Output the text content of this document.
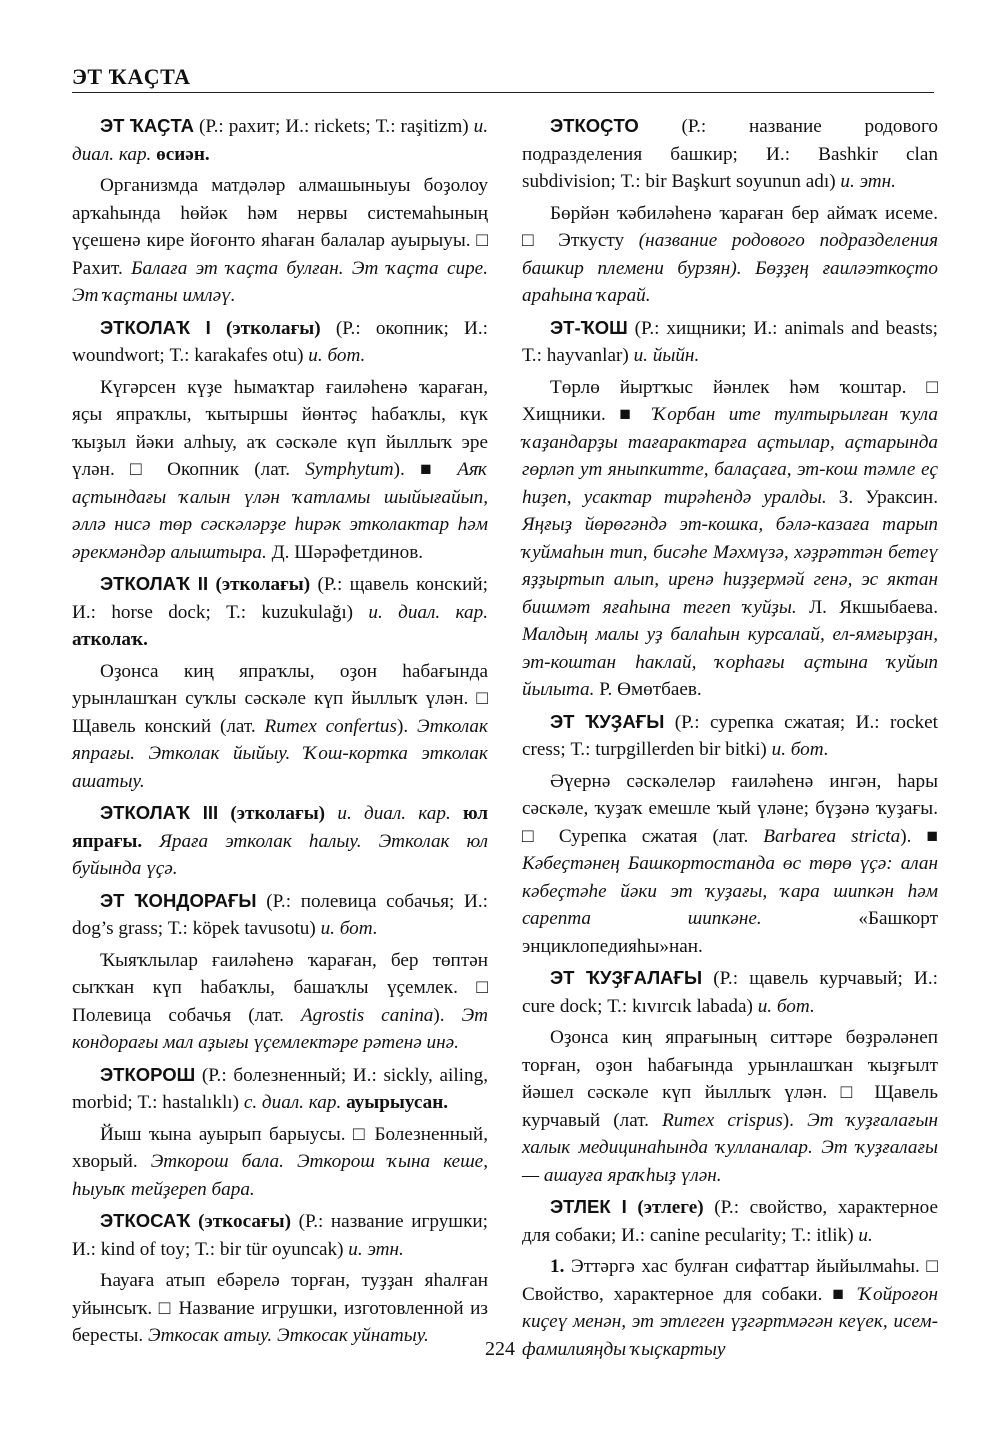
ЭТ ҠАҪТА

ЭТ ҠАҪТА (Р.: рахит; И.: rickets; Т.: raşitizm) и. диал. кар. өсиән.

Организмда матдәләр алмашыныуы боҙолоу арҡаһында һөйәк һәм нервы системаһының үҫешенә кире йоғонто яһаған балалар ауырыуы. □ Рахит. Балаға эт ҡаҫта булған. Эт ҡаҫта сире. Эт ҡаҫтаны имләү.

ЭТКОЛАҠ I (этколағы) (Р.: окопник; И.: woundwort; Т.: karakafes otu) и. бот.

Күгәрсен күҙе һымаҡтар ғаиләһенә ҡараған, яҫы япраҡлы, ҡытыршы йөнтәҫ һабаҡлы, күк ҡыҙыл йәки алһыу, аҡ сәскәле күп йыллыҡ эре үлән. □ Окопник (лат. Symphytum). ■ Аяҡ аҫтындағы ҡалын үлән ҡатламы шыйығайып, әллә нисә төр сәскәләрҙе һирәк этколактар һәм әрекмәндәр алыштыра. Д. Шәрәфетдинов.

ЭТКОЛАҠ II (этколағы) (Р.: щавель конский; И.: horse dock; Т.: kuzukulağı) и. диал. кар. атколаҡ.

Оҙонса киң япраҡлы, оҙон һабағында урынлашҡан суҡлы сәскәле күп йыллыҡ үлән. □ Щавель конский (лат. Rumex confertus). Этколак япрағы. Этколак йыйыу. Ҡош-кортка этколак ашатыу.

ЭТКОЛАҠ III (этколағы) и. диал. кар. юл япрағы. Яраға этколак һалыу. Этколак юл буйында үҫә.

ЭТ ҠОНДОРАҒЫ (Р.: полевица собачья; И.: dog’s grass; Т.: köpek tavusotu) и. бот.

Ҡыяҡлылар ғаиләһенә ҡараған, бер төптән сыҡҡан күп һабаҡлы, башаҡлы үҫемлек. □ Полевица собачья (лат. Agrostis canina). Эт кондорағы мал аҙығы үҫемлектәре рәтенә инә.

ЭТКОРОШ (Р.: болезненный; И.: sickly, ailing, morbid; Т.: hastalıklı) с. диал. кар. ауырыусан.

Йыш ҡына ауырып барыусы. □ Болезненный, хворый. Эткорош бала. Эткорош ҡына кеше, һыуыҡ тейҙереп бара.

ЭТКОСАҠ (эткосағы) (Р.: название игрушки; И.: kind of toy; Т.: bir tür oyuncak) и. этн.

Һауаға атып ебәрелә торған, туҙҙан яһалған уйынсыҡ. □ Название игрушки, изготовленной из бересты. Эткосак атыу. Эткосак уйнатыу.

ЭТКОҪТО (Р.: название родового подразделения башкир; И.: Bashkir clan subdivision; Т.: bir Başkurt soyunun adı) и. этн.

Бөрйән ҡәбиләһенә ҡараған бер аймаҡ исеме. □ Эткусту (название родового подразделения башкир племени бурзян). Бөҙҙең ғаиләэткоҫто араһына ҡарай.

ЭТ-ҠОШ (Р.: хищники; И.: animals and beasts; Т.: hayvanlar) и. йыйн.

Төрлө йыртҡыс йәнлек һәм ҡоштар. □ Хищники. ■ Ҡорбан ите тултырылған ҡула ҡаҙандарҙы тағарактарға аҫтылар, аҫтарында гөрләп ут яныпкитте, балаҫаға, эт-кош тәмле еҫ һиҙеп, усактар тирәһендә уралды. З. Ураксин. Яңғыҙ йөрөгәндә эт-кошка, бәлә-казаға тарып ҡуймаһын тип, бисәһе Мәхмүзә, хәҙрәттән бетеү яҙҙыртып алып, иренә һиҙҙермәй генә, эс яктан бишмәт яғаһына тегеп ҡуйҙы. Л. Якшыбаева. Малдың малы уҙ балаһын курсалай, ел-ямғырҙан, эт-коштан һаклай, ҡорһағы аҫтына ҡуйып йылыта. Р. Өмөтбаев.

ЭТ ҠУҘАҒЫ (Р.: сурепка сжатая; И.: rocket cress; Т.: turpgillerden bir bitki) и. бот.

Әүернә сәскәлеләр ғаиләһенә ингән, һары сәскәле, ҡуҙаҡ емешле ҡый үләне; бүҙәнә ҡуҙағы. □ Сурепка сжатая (лат. Barbarea stricta). ■ Кәбеҫтәнең Башкортостанда өс төрө үҫә: алан кәбеҫтәһе йәки эт ҡуҙағы, ҡара шипкән һәм сарепта шипкәне. «Башкорт энциклопедияhы»нан.

ЭТ ҠУҘҒАЛАҒЫ (Р.: щавель курчавый; И.: cure dock; Т.: kıvırcık labada) и. бот.

Оҙонса киң япрағының ситтәре бөҙрәләнеп торған, оҙон һабағында урынлашҡан ҡыҙғылт йәшел сәскәле күп йыллыҡ үлән. □ Щавель курчавый (лат. Rumex crispus). Эт ҡуҙғалағын халык медицинаһында ҡулланалар. Эт ҡуҙғалағы — ашауға яраҡһыҙ үлән.

ЭТЛЕК I (этлеге) (Р.: свойство, характерное для собаки; И.: canine pecularity; Т.: itlik) и.

1. Эттәргә хас булған сифаттар йыйылмаһы. □ Свойство, характерное для собаки. ■ Ҡойроғон киҫеү менән, эт этлеген үҙгәртмәгән кеүек, исем-фамилияңды ҡыҫкартыу

224
